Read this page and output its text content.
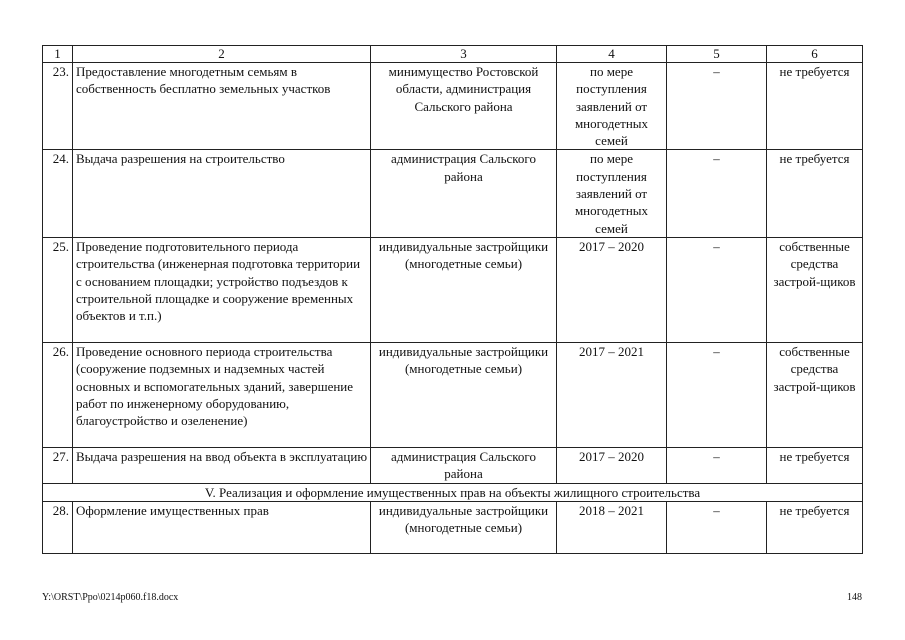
1	2	3	4	5	6
23.	Предоставление многодетным семьям в собственность бесплатно земельных участков	минимущество Ростовской области, администрация Сальского района	по мере поступления заявлений от многодетных семей	–	не требуется
24.	Выдача разрешения на строительство	администрация Сальского района	по мере поступления заявлений от многодетных семей	–	не требуется
25.	Проведение подготовительного периода строительства (инженерная подготовка территории с основанием площадки; устройство подъездов к строительной площадке и сооружение временных объектов и т.п.)	индивидуальные застройщики (многодетные семьи)	2017 – 2020	–	собственные средства застрой-щиков
26.	Проведение основного периода строительства (сооружение подземных и надземных частей основных и вспомогательных зданий, завершение работ по инженерному оборудованию, благоустройство и озеленение)	индивидуальные застройщики (многодетные семьи)	2017 – 2021	–	собственные средства застрой-щиков
27.	Выдача разрешения на ввод объекта в эксплуатацию	администрация Сальского района	2017 – 2020	–	не требуется
V. Реализация и оформление имущественных прав на объекты жилищного строительства					
28.	Оформление имущественных прав	индивидуальные застройщики (многодетные семьи)	2018 – 2021	–	не требуется
Y:\ORST\Ppo\0214p060.f18.docx	148
